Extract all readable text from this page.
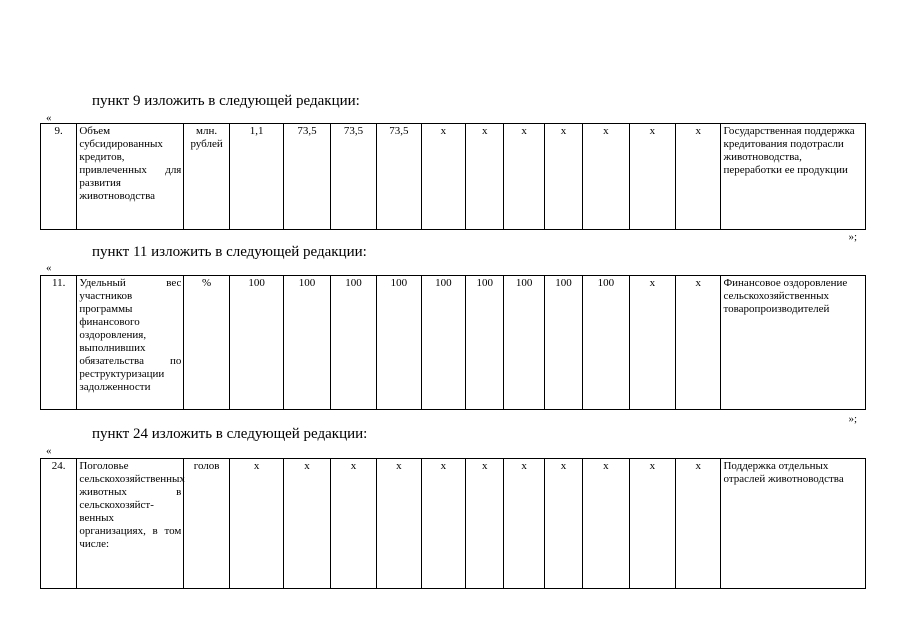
пункт 9 изложить в следующей редакции:
«
9.	Объем субсидированных кредитов, привлеченных для развития животноводства	млн. рублей	1,1	73,5	73,5	73,5	х	х	х	х	х	х	х	Государственная поддержка кредитования подотрасли животноводства, переработки ее продукции
»;
пункт 11 изложить в следующей редакции:
«
11.	Удельный вес участников программы финансового оздоровления, выполнивших обязательства по реструктуризации задолженности	%	100	100	100	100	100	100	100	100	100	х	х	Финансовое оздоровление сельскохозяйственных товаропроизводителей
»;
пункт 24 изложить в следующей редакции:
«
24.	Поголовье сельскохозяйственных животных в сельскохозяйст-венных организациях, в том числе:	голов	х	х	х	х	х	х	х	х	х	х	х	Поддержка отдельных отраслей животноводства
